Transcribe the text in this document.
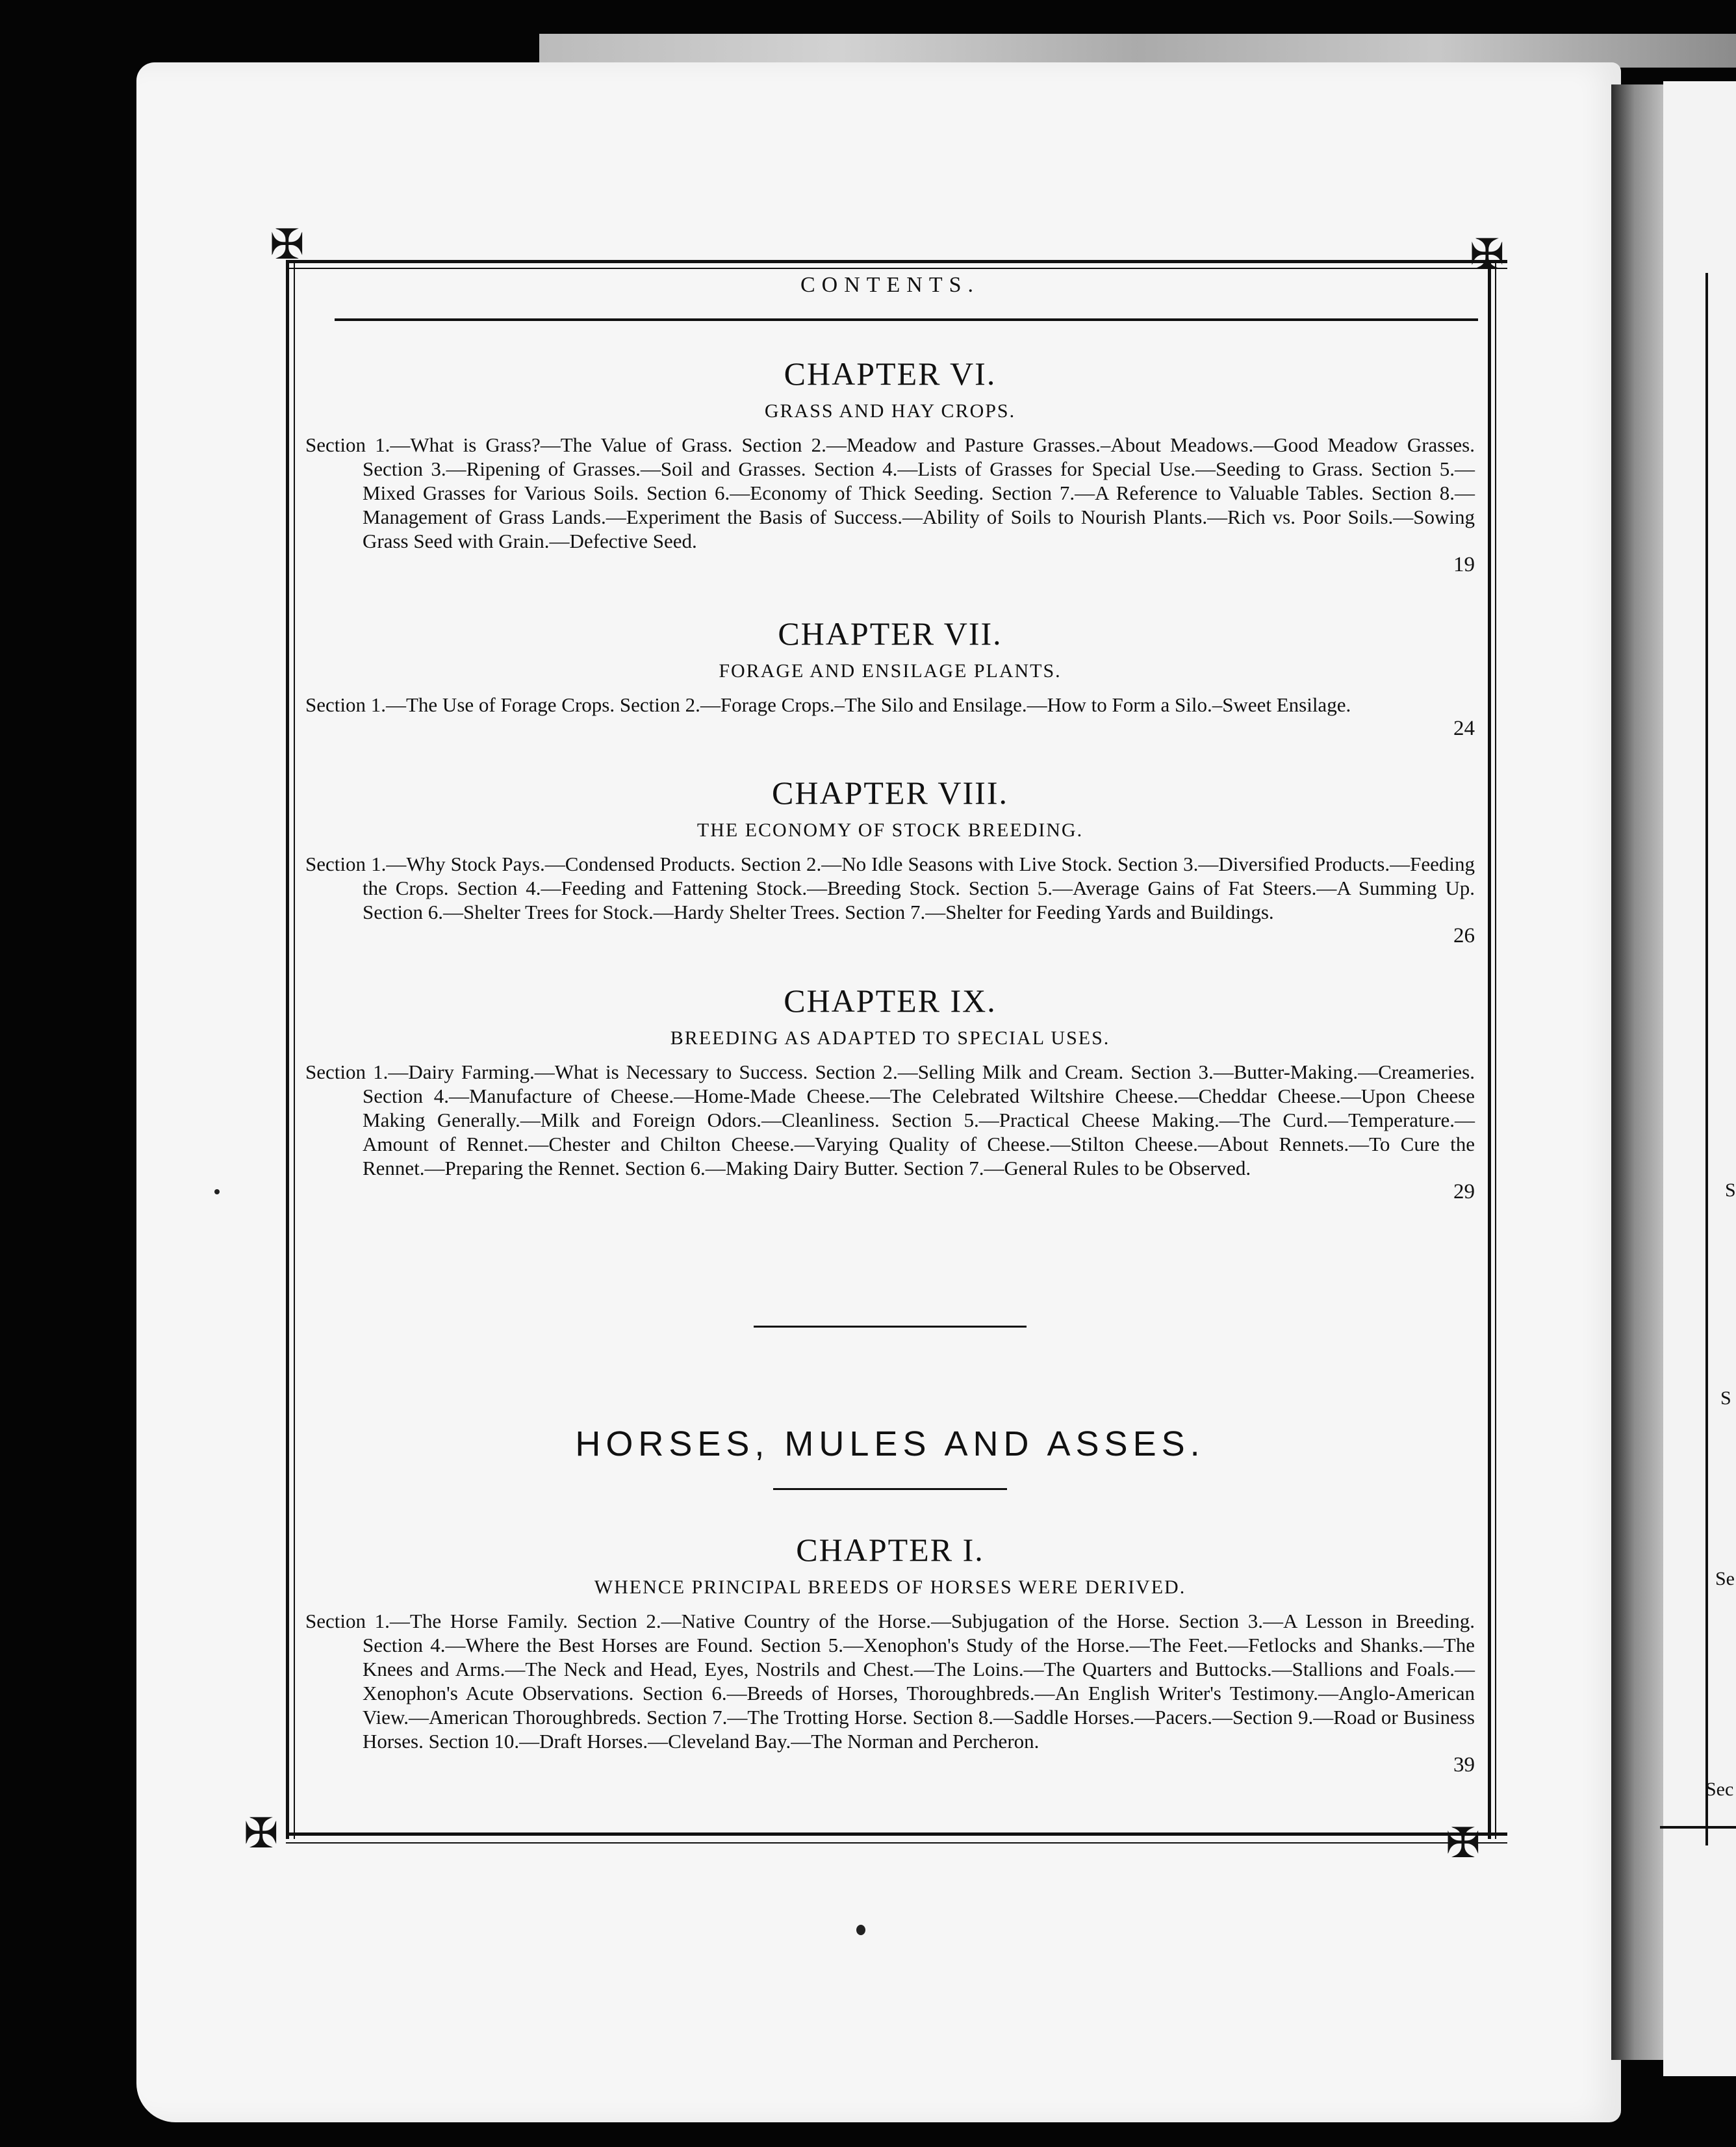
S
S
Se
Sec
✠	✠
✠	✠
CONTENTS.

CHAPTER VI.

GRASS AND HAY CROPS.

Section 1.—What is Grass?—The Value of Grass. Section 2.—Meadow and Pasture Grasses.–About Meadows.—Good Meadow Grasses. Section 3.—Ripening of Grasses.—Soil and Grasses. Section 4.—Lists of Grasses for Special Use.—Seeding to Grass. Section 5.—Mixed Grasses for Various Soils. Section 6.—Economy of Thick Seeding. Section 7.—A Reference to Valuable Tables. Section 8.—Management of Grass Lands.—Experiment the Basis of Success.—Ability of Soils to Nourish Plants.—Rich vs. Poor Soils.—Sowing Grass Seed with Grain.—Defective Seed.

19

CHAPTER VII.

FORAGE AND ENSILAGE PLANTS.

Section 1.—The Use of Forage Crops. Section 2.—Forage Crops.–The Silo and Ensilage.—How to Form a Silo.–Sweet Ensilage.

24

CHAPTER VIII.

THE ECONOMY OF STOCK BREEDING.

Section 1.—Why Stock Pays.—Condensed Products. Section 2.—No Idle Seasons with Live Stock. Section 3.—Diversified Products.—Feeding the Crops. Section 4.—Feeding and Fattening Stock.—Breeding Stock. Section 5.—Average Gains of Fat Steers.—A Summing Up. Section 6.—Shelter Trees for Stock.—Hardy Shelter Trees. Section 7.—Shelter for Feeding Yards and Buildings.

26

CHAPTER IX.

BREEDING AS ADAPTED TO SPECIAL USES.

Section 1.—Dairy Farming.—What is Necessary to Success. Section 2.—Selling Milk and Cream. Section 3.—Butter-Making.—Creameries. Section 4.—Manufacture of Cheese.—Home-Made Cheese.—The Celebrated Wiltshire Cheese.—Cheddar Cheese.—Upon Cheese Making Generally.—Milk and Foreign Odors.—Cleanliness. Section 5.—Practical Cheese Making.—The Curd.—Temperature.—Amount of Rennet.—Chester and Chilton Cheese.—Varying Quality of Cheese.—Stilton Cheese.—About Rennets.—To Cure the Rennet.—Preparing the Rennet. Section 6.—Making Dairy Butter. Section 7.—General Rules to be Observed.

29

HORSES, MULES AND ASSES.

CHAPTER I.

WHENCE PRINCIPAL BREEDS OF HORSES WERE DERIVED.

Section 1.—The Horse Family. Section 2.—Native Country of the Horse.—Subjugation of the Horse. Section 3.—A Lesson in Breeding. Section 4.—Where the Best Horses are Found. Section 5.—Xenophon's Study of the Horse.—The Feet.—Fetlocks and Shanks.—The Knees and Arms.—The Neck and Head, Eyes, Nostrils and Chest.—The Loins.—The Quarters and Buttocks.—Stallions and Foals.—Xenophon's Acute Observations. Section 6.—Breeds of Horses, Thoroughbreds.—An English Writer's Testimony.—Anglo-American View.—American Thoroughbreds. Section 7.—The Trotting Horse. Section 8.—Saddle Horses.—Pacers.—Section 9.—Road or Business Horses. Section 10.—Draft Horses.—Cleveland Bay.—The Norman and Percheron.

39
